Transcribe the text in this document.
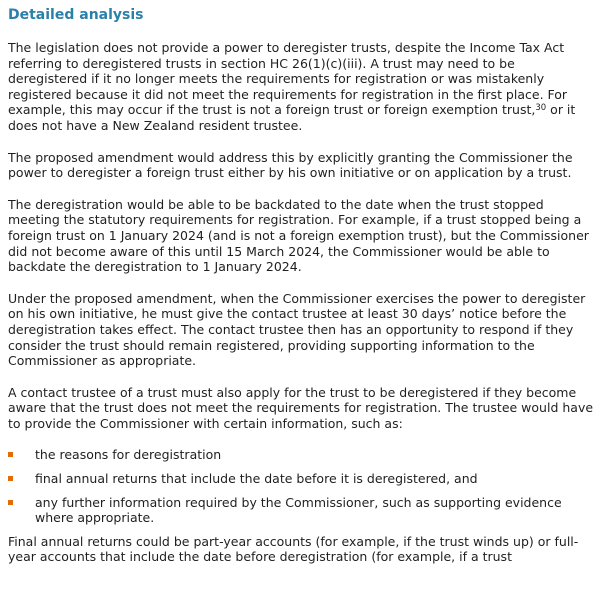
Detailed analysis

The legislation does not provide a power to deregister trusts, despite the Income Tax Act referring to deregistered trusts in section HC 26(1)(c)(iii). A trust may need to be deregistered if it no longer meets the requirements for registration or was mistakenly registered because it did not meet the requirements for registration in the first place. For example, this may occur if the trust is not a foreign trust or foreign exemption trust,$^{30}$ or it does not have a New Zealand resident trustee.

The proposed amendment would address this by explicitly granting the Commissioner the power to deregister a foreign trust either by his own initiative or on application by a trust.

The deregistration would be able to be backdated to the date when the trust stopped meeting the statutory requirements for registration. For example, if a trust stopped being a foreign trust on 1 January 2024 (and is not a foreign exemption trust), but the Commissioner did not become aware of this until 15 March 2024, the Commissioner would be able to backdate the deregistration to 1 January 2024.

Under the proposed amendment, when the Commissioner exercises the power to deregister on his own initiative, he must give the contact trustee at least 30 days’ notice before the deregistration takes effect. The contact trustee then has an opportunity to respond if they consider the trust should remain registered, providing supporting information to the Commissioner as appropriate.

A contact trustee of a trust must also apply for the trust to be deregistered if they become aware that the trust does not meet the requirements for registration. The trustee would have to provide the Commissioner with certain information, such as:

the reasons for deregistration
final annual returns that include the date before it is deregistered, and
any further information required by the Commissioner, such as supporting evidence where appropriate.

Final annual returns could be part-year accounts (for example, if the trust winds up) or full-year accounts that include the date before deregistration (for example, if a trust
